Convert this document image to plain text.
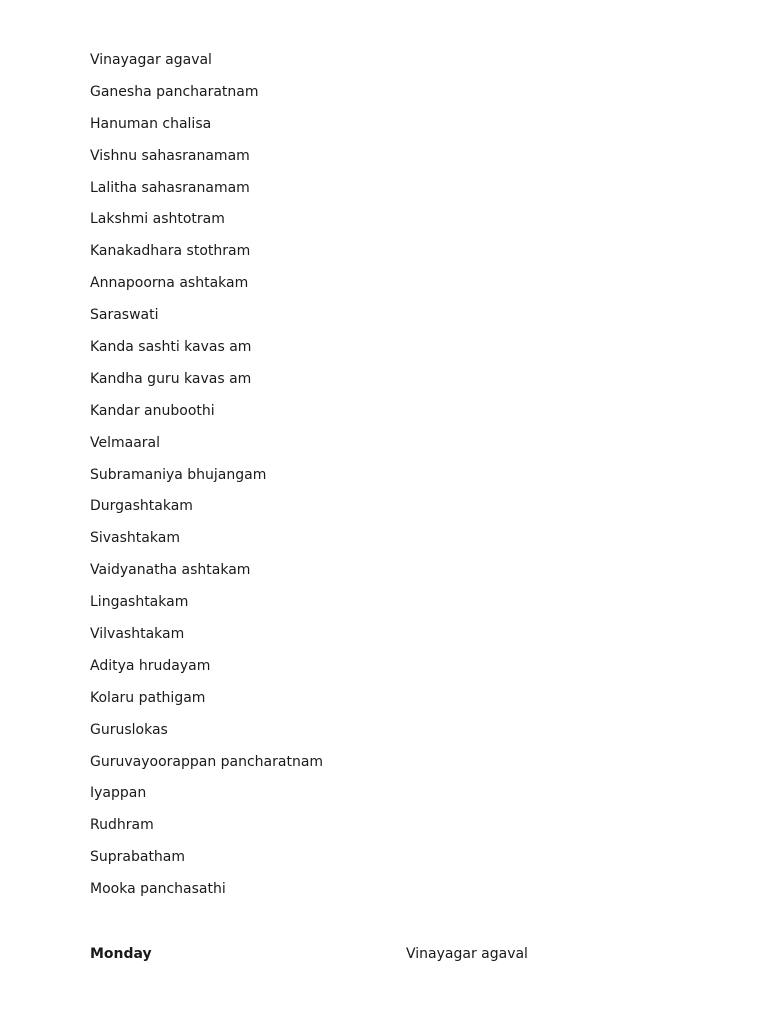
Vinayagar agaval
Ganesha pancharatnam
Hanuman chalisa
Vishnu sahasranamam
Lalitha sahasranamam
Lakshmi ashtotram
Kanakadhara stothram
Annapoorna ashtakam
Saraswati
Kanda sashti kavas am
Kandha guru kavas am
Kandar anuboothi
Velmaaral
Subramaniya bhujangam
Durgashtakam
Sivashtakam
Vaidyanatha ashtakam
Lingashtakam
Vilvashtakam
Aditya hrudayam
Kolaru pathigam
Guruslokas
Guruvayoorappan pancharatnam
Iyappan
Rudhram
Suprabatham
Mooka panchasathi
Monday	Vinayagar agaval
